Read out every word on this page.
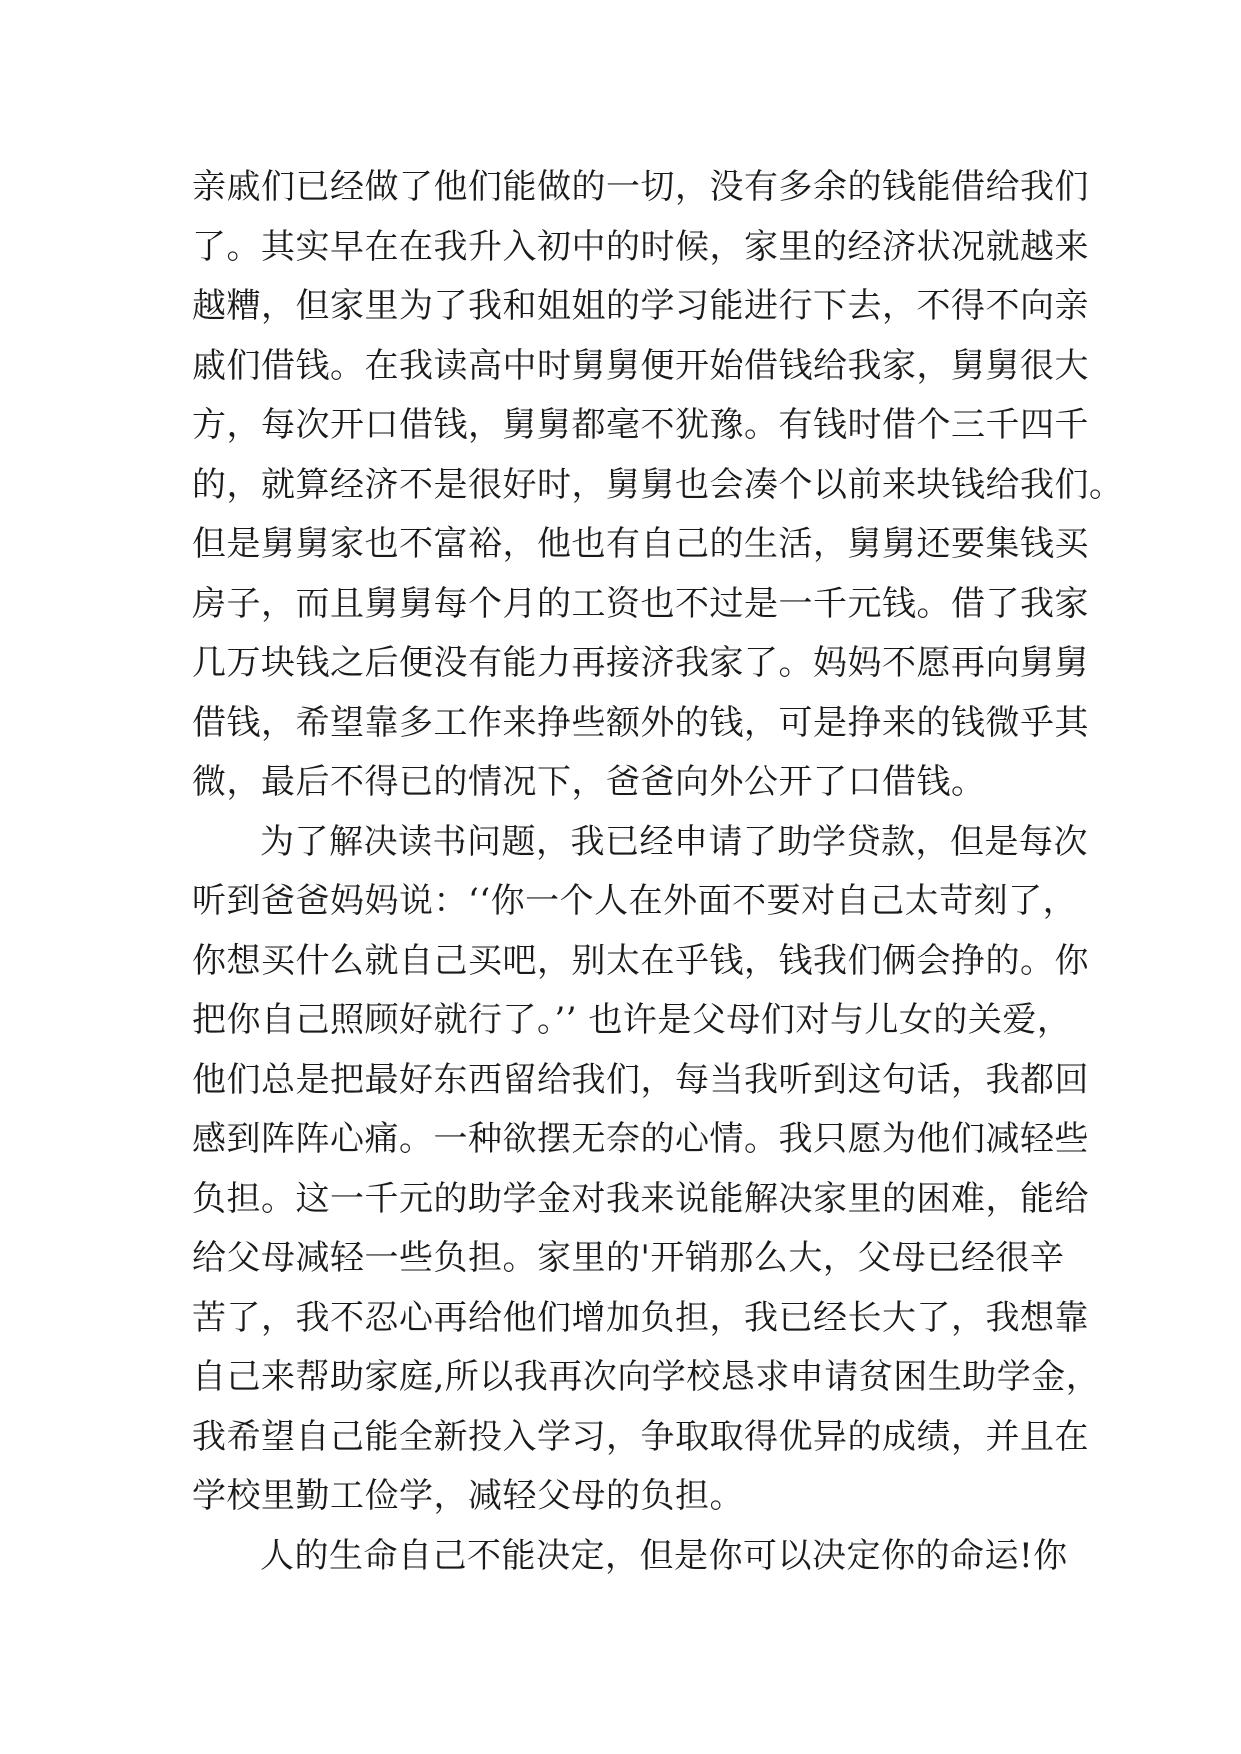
亲戚们已经做了他们能做的一切，没有多余的钱能借给我们
了。其实早在在我升入初中的时候，家里的经济状况就越来
越糟，但家里为了我和姐姐的学习能进行下去，不得不向亲
戚们借钱。在我读高中时舅舅便开始借钱给我家，舅舅很大
方，每次开口借钱，舅舅都毫不犹豫。有钱时借个三千四千
的，就算经济不是很好时，舅舅也会凑个以前来块钱给我们。
但是舅舅家也不富裕，他也有自己的生活，舅舅还要集钱买
房子，而且舅舅每个月的工资也不过是一千元钱。借了我家
几万块钱之后便没有能力再接济我家了。妈妈不愿再向舅舅
借钱，希望靠多工作来挣些额外的钱，可是挣来的钱微乎其
微，最后不得已的情况下，爸爸向外公开了口借钱。
为了解决读书问题，我已经申请了助学贷款，但是每次
听到爸爸妈妈说：‘‘你一个人在外面不要对自己太苛刻了，
你想买什么就自己买吧，别太在乎钱，钱我们俩会挣的。你
把你自己照顾好就行了。’’ 也许是父母们对与儿女的关爱，
他们总是把最好东西留给我们，每当我听到这句话，我都回
感到阵阵心痛。一种欲摆无奈的心情。我只愿为他们减轻些
负担。这一千元的助学金对我来说能解决家里的困难，能给
给父母减轻一些负担。家里的'开销那么大，父母已经很辛
苦了，我不忍心再给他们增加负担，我已经长大了，我想靠
自己来帮助家庭,所以我再次向学校恳求申请贫困生助学金，
我希望自己能全新投入学习，争取取得优异的成绩，并且在
学校里勤工俭学，减轻父母的负担。
人的生命自己不能决定，但是你可以决定你的命运!你
